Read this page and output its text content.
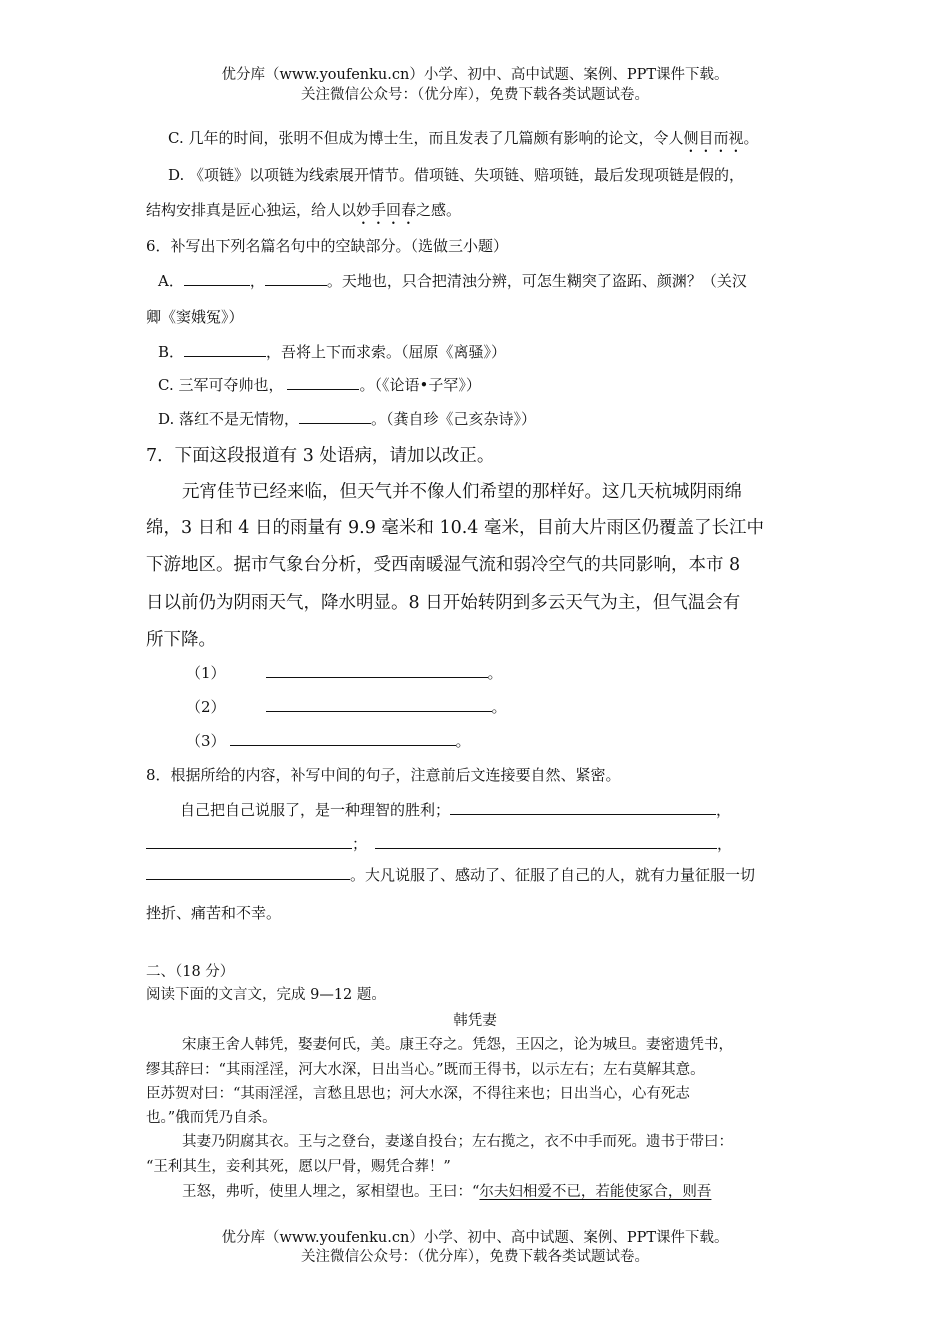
优分库（www.youfenku.cn）小学、初中、高中试题、案例、PPT课件下载。
关注微信公众号：（优分库），免费下载各类试题试卷。
C. 几年的时间，张明不但成为博士生，而且发表了几篇颇有影响的论文，令人侧目而视。
D. 《项链》以项链为线索展开情节。借项链、失项链、赔项链，最后发现项链是假的，
结构安排真是匠心独运，给人以妙手回春之感。
6．补写出下列名篇名句中的空缺部分。（选做三小题）
A．	，	。天地也，只合把清浊分辨，可怎生糊突了盗跖、颜渊？（关汉
卿《窦娥冤》）
B．	，吾将上下而求索。（屈原《离骚》）
C. 三军可夺帅也，	。（《论语•子罕》）
D. 落红不是无情物，	。（龚自珍《己亥杂诗》）
7．下面这段报道有 3 处语病，请加以改正。
元宵佳节已经来临，但天气并不像人们希望的那样好。这几天杭城阴雨绵
绵，3 日和 4 日的雨量有 9.9 毫米和 10.4 毫米，目前大片雨区仍覆盖了长江中
下游地区。据市气象台分析，受西南暖湿气流和弱冷空气的共同影响，本市 8
日以前仍为阴雨天气，降水明显。8 日开始转阴到多云天气为主，但气温会有
所下降。
（1）	。
（2）	。
（3）	。
8．根据所给的内容，补写中间的句子，注意前后文连接要自然、紧密。
自己把自己说服了，是一种理智的胜利；	，
；	，
。大凡说服了、感动了、征服了自己的人，就有力量征服一切
挫折、痛苦和不幸。
二、（18 分）
阅读下面的文言文，完成 9—12 题。
韩凭妻
宋康王舍人韩凭，娶妻何氏，美。康王夺之。凭怨，王囚之，论为城旦。妻密遗凭书，
缪其辞曰：“其雨淫淫，河大水深，日出当心。”既而王得书，以示左右；左右莫解其意。
臣苏贺对曰：“其雨淫淫，言愁且思也；河大水深，不得往来也；日出当心，心有死志
也。”俄而凭乃自杀。
其妻乃阴腐其衣。王与之登台，妻遂自投台；左右揽之，衣不中手而死。遗书于带曰：
“王利其生，妾利其死，愿以尸骨，赐凭合葬！”
王怒，弗听，使里人埋之，冢相望也。王曰：“尔夫妇相爱不已，若能使冢合，则吾
优分库（www.youfenku.cn）小学、初中、高中试题、案例、PPT课件下载。
关注微信公众号：（优分库），免费下载各类试题试卷。
